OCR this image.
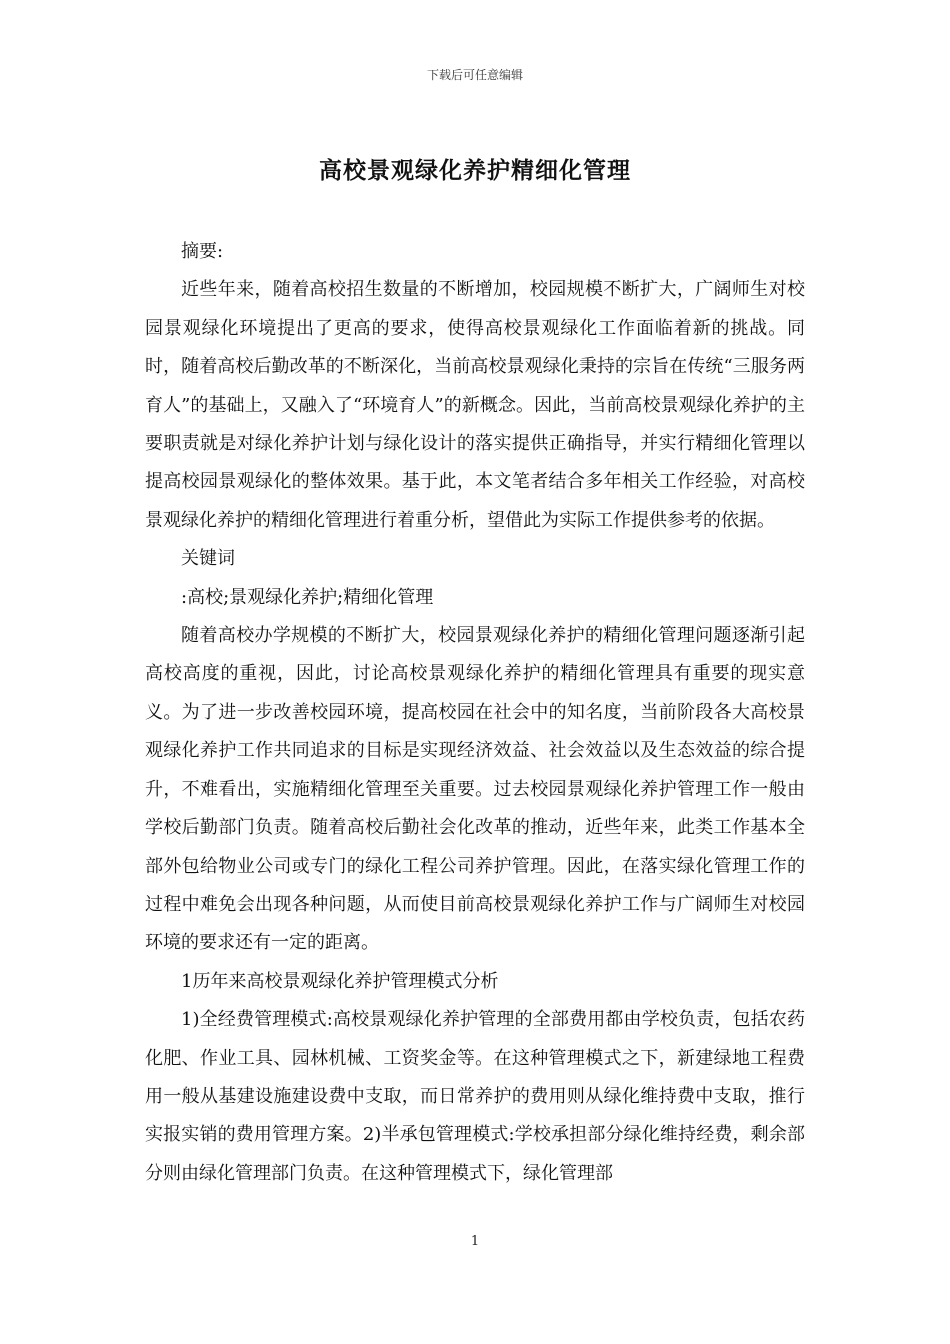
下载后可任意编辑
高校景观绿化养护精细化管理

摘要:

近些年来，随着高校招生数量的不断增加，校园规模不断扩大，广阔师生对校园景观绿化环境提出了更高的要求，使得高校景观绿化工作面临着新的挑战。同时，随着高校后勤改革的不断深化，当前高校景观绿化秉持的宗旨在传统“三服务两育人”的基础上，又融入了“环境育人”的新概念。因此，当前高校景观绿化养护的主要职责就是对绿化养护计划与绿化设计的落实提供正确指导，并实行精细化管理以提高校园景观绿化的整体效果。基于此，本文笔者结合多年相关工作经验，对高校景观绿化养护的精细化管理进行着重分析，望借此为实际工作提供参考的依据。

关键词

:高校;景观绿化养护;精细化管理

随着高校办学规模的不断扩大，校园景观绿化养护的精细化管理问题逐渐引起高校高度的重视，因此，讨论高校景观绿化养护的精细化管理具有重要的现实意义。为了进一步改善校园环境，提高校园在社会中的知名度，当前阶段各大高校景观绿化养护工作共同追求的目标是实现经济效益、社会效益以及生态效益的综合提升，不难看出，实施精细化管理至关重要。过去校园景观绿化养护管理工作一般由学校后勤部门负责。随着高校后勤社会化改革的推动，近些年来，此类工作基本全部外包给物业公司或专门的绿化工程公司养护管理。因此，在落实绿化管理工作的过程中难免会出现各种问题，从而使目前高校景观绿化养护工作与广阔师生对校园环境的要求还有一定的距离。

1历年来高校景观绿化养护管理模式分析

1)全经费管理模式:高校景观绿化养护管理的全部费用都由学校负责，包括农药化肥、作业工具、园林机械、工资奖金等。在这种管理模式之下，新建绿地工程费用一般从基建设施建设费中支取，而日常养护的费用则从绿化维持费中支取，推行实报实销的费用管理方案。2)半承包管理模式:学校承担部分绿化维持经费，剩余部分则由绿化管理部门负责。在这种管理模式下，绿化管理部

1
